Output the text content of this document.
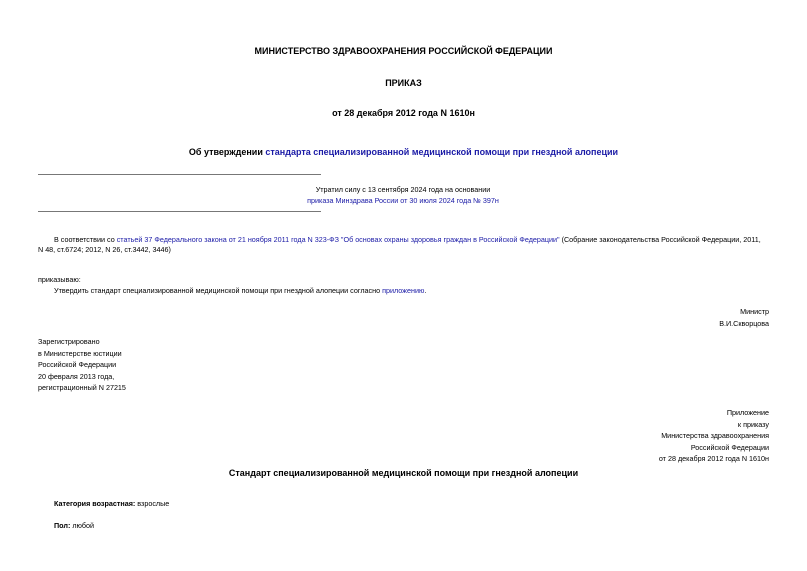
МИНИСТЕРСТВО ЗДРАВООХРАНЕНИЯ РОССИЙСКОЙ ФЕДЕРАЦИИ
ПРИКАЗ
от 28 декабря 2012 года N 1610н
Об утверждении стандарта специализированной медицинской помощи при гнездной алопеции
Утратил силу с 13 сентября 2024 года на основании
приказа Минздрава России от 30 июля 2024 года № 397н
В соответствии со статьей 37 Федерального закона от 21 ноября 2011 года N 323-ФЗ "Об основах охраны здоровья граждан в Российской Федерации" (Собрание законодательства Российской Федерации, 2011,
N 48, ст.6724; 2012, N 26, ст.3442, 3446)
приказываю:
Утвердить стандарт специализированной медицинской помощи при гнездной алопеции согласно приложению.
Министр
В.И.Скворцова
Зарегистрировано
в Министерстве юстиции
Российской Федерации
20 февраля 2013 года,
регистрационный N 27215
Приложение
к приказу
Министерства здравоохранения
Российской Федерации
от 28 декабря 2012 года N 1610н
Стандарт специализированной медицинской помощи при гнездной алопеции
Категория возрастная: взрослые
Пол: любой
